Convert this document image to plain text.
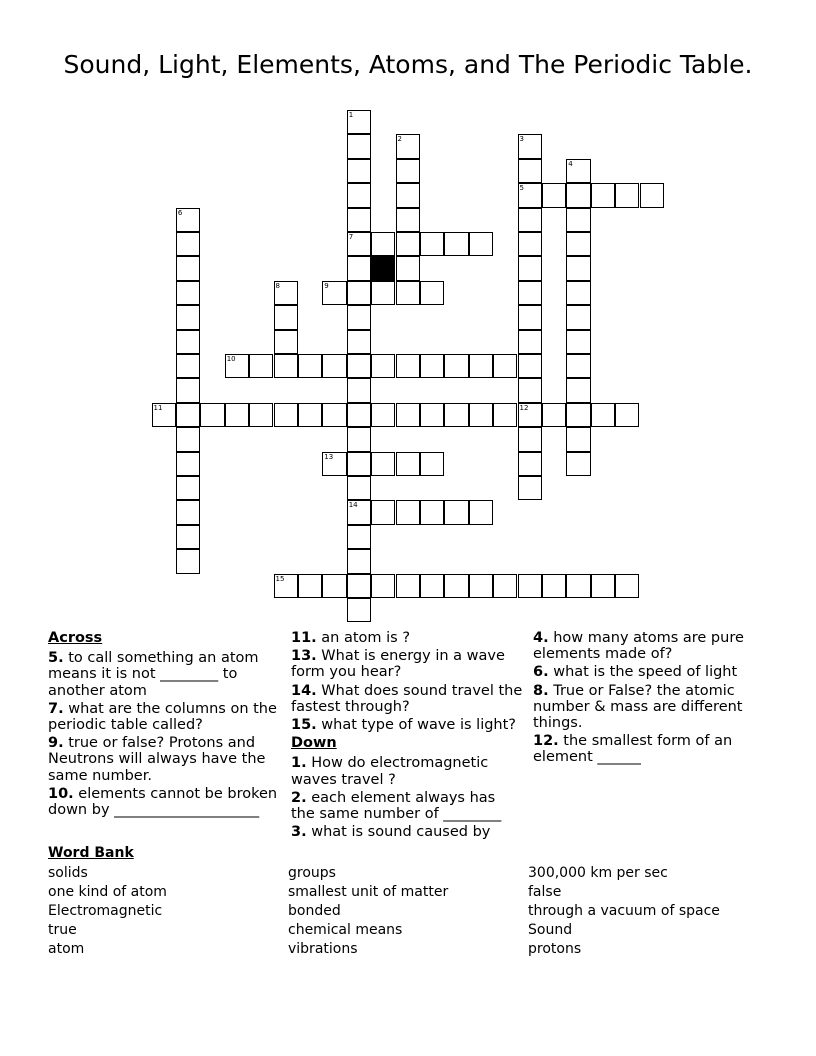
Sound, Light, Elements, Atoms, and The Periodic Table.
1
7
14
2	3
5
12
4
6
8	9
10
11
13
15
Across
5. to call something an atom means it is not ________ to another atom
7. what are the columns on the periodic table called?
9. true or false? Protons and Neutrons will always have the same number.
10. elements cannot be broken down by ____________________
11. an atom is ?
13. What is energy in a wave form you hear?
14. What does sound travel the fastest through?
15. what type of wave is light?
Down
1. How do electromagnetic waves travel ?
2. each element always has the same number of ________
3. what is sound caused by
4. how many atoms are pure elements made of?
6. what is the speed of light
8. True or False? the atomic number & mass are different things.
12. the smallest form of an element ______
Word Bank
solids
one kind of atom
Electromagnetic
true
atom
groups
smallest unit of matter
bonded
chemical means
vibrations
300,000 km per sec
false
through a vacuum of space
Sound
protons
